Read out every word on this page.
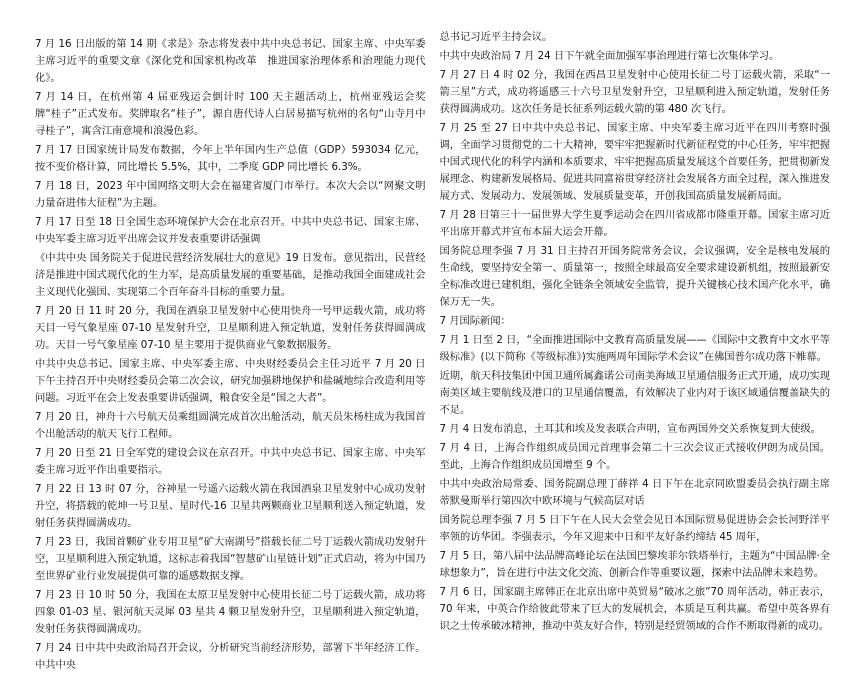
7 月 16 日出版的第 14 期《求是》杂志将发表中共中央总书记、国家主席、中央军委主席习近平的重要文章《深化党和国家机构改革　推进国家治理体系和治理能力现代化》。

7 月 14 日，在杭州第 4 届亚残运会倒计时 100 天主题活动上，杭州亚残运会奖牌“桂子”正式发布。奖牌取名“桂子”，源自唐代诗人白居易描写杭州的名句“山寺月中寻桂子”，寓含江南意境和浪漫色彩。

7 月 17 日国家统计局发布数据，今年上半年国内生产总值（GDP）593034 亿元，按不变价格计算，同比增长 5.5%，其中，二季度 GDP 同比增长 6.3%。

7 月 18 日，2023 年中国网络文明大会在福建省厦门市举行。本次大会以“网聚文明力量奋进伟大征程”为主题。

7 月 17 日至 18 日全国生态环境保护大会在北京召开。中共中央总书记、国家主席、中央军委主席习近平出席会议并发表重要讲话强调

《中共中央 国务院关于促进民营经济发展壮大的意见》19 日发布。意见指出，民营经济是推进中国式现代化的生力军，是高质量发展的重要基础，是推动我国全面建成社会主义现代化强国、实现第二个百年奋斗目标的重要力量。

7 月 20 日 11 时 20 分，我国在酒泉卫星发射中心使用快舟一号甲运载火箭，成功将天目一号气象星座 07-10 星发射升空，卫星顺利进入预定轨道，发射任务获得圆满成功。天目一号气象星座 07-10 星主要用于提供商业气象数据服务。

中共中央总书记、国家主席、中央军委主席、中央财经委员会主任习近平 7 月 20 日下午主持召开中央财经委员会第二次会议，研究加强耕地保护和盐碱地综合改造利用等问题。习近平在会上发表重要讲话强调，粮食安全是“国之大者”。

7 月 20 日，神舟十六号航天员乘组圆满完成首次出舱活动，航天员朱杨柱成为我国首个出舱活动的航天飞行工程师。

7 月 20 日至 21 日全军党的建设会议在京召开。中共中央总书记、国家主席、中央军委主席习近平作出重要指示。

7 月 22 日 13 时 07 分，谷神星一号遥六运载火箭在我国酒泉卫星发射中心成功发射升空，将搭载的乾坤一号卫星、星时代-16 卫星共两颗商业卫星顺利送入预定轨道，发射任务获得圆满成功。

7 月 23 日，我国首颗矿业专用卫星“矿大南湖号”搭载长征二号丁运载火箭成功发射升空，卫星顺利进入预定轨道，这标志着我国“智慧矿山星链计划”正式启动，将为中国乃至世界矿业行业发展提供可靠的遥感数据支撑。

7 月 23 日 10 时 50 分，我国在太原卫星发射中心使用长征二号丁运载火箭，成功将四象 01-03 星、银河航天灵犀 03 星共 4 颗卫星发射升空，卫星顺利进入预定轨道，发射任务获得圆满成功。

7 月 24 日中共中央政治局召开会议，分析研究当前经济形势，部署下半年经济工作。中共中央

总书记习近平主持会议。

中共中央政治局 7 月 24 日下午就全面加强军事治理进行第七次集体学习。

7 月 27 日 4 时 02 分，我国在西昌卫星发射中心使用长征二号丁运载火箭，采取“一箭三星”方式，成功将遥感三十六号卫星发射升空，卫星顺利进入预定轨道，发射任务获得圆满成功。这次任务是长征系列运载火箭的第 480 次飞行。

7 月 25 至 27 日中共中央总书记、国家主席、中央军委主席习近平在四川考察时强调，全面学习贯彻党的二十大精神，要牢牢把握新时代新征程党的中心任务，牢牢把握中国式现代化的科学内涵和本质要求，牢牢把握高质量发展这个首要任务，把贯彻新发展理念、构建新发展格局、促进共同富裕贯穿经济社会发展各方面全过程，深入推进发展方式、发展动力、发展领域、发展质量变革，开创我国高质量发展新局面。

7 月 28 日第三十一届世界大学生夏季运动会在四川省成都市隆重开幕。国家主席习近平出席开幕式并宣布本届大运会开幕。

国务院总理李强 7 月 31 日主持召开国务院常务会议，会议强调，安全是核电发展的生命线，要坚持安全第一、质量第一，按照全球最高安全要求建设新机组，按照最新安全标准改进已建机组，强化全链条全领域安全监管，提升关键核心技术国产化水平，确保万无一失。

7 月国际新闻：

7 月 1 日至 2 日，“全面推进国际中文教育高质量发展——《国际中文教育中文水平等级标准》(以下简称《等级标准》)实施两周年国际学术会议”在佛国普尔成功落下帷幕。

近期，航天科技集团中国卫通所属鑫诺公司南美海域卫星通信服务正式开通，成功实现南美区域主要航线及港口的卫星通信覆盖，有效解决了业内对于该区域通信覆盖缺失的不足。

7 月 4 日发布消息，土耳其和埃及发表联合声明，宣布两国外交关系恢复到大使级。

7 月 4 日，上海合作组织成员国元首理事会第二十三次会议正式接收伊朗为成员国。至此，上海合作组织成员国增至 9 个。

中共中央政治局常委、国务院副总理丁薛祥 4 日下午在北京同欧盟委员会执行副主席蒂默曼斯举行第四次中欧环境与气候高层对话

国务院总理李强 7 月 5 日下午在人民大会堂会见日本国际贸易促进协会会长河野洋平率领的访华团。李强表示，今年又迎来中日和平友好条约缔结 45 周年，

7 月 5 日，第八届中法品牌高峰论坛在法国巴黎埃菲尔铁塔举行，主题为“中国品牌·全球想象力”，旨在进行中法文化交流、创新合作等重要议题，探索中法品牌未来趋势。

7 月 6 日，国家副主席韩正在北京出席中英贸易“破冰之旅”70 周年活动，韩正表示，70 年来，中英合作给彼此带来了巨大的发展机会，本质是互利共赢。希望中英各界有识之士传承破冰精神，推动中英友好合作，特别是经贸领域的合作不断取得新的成功。
